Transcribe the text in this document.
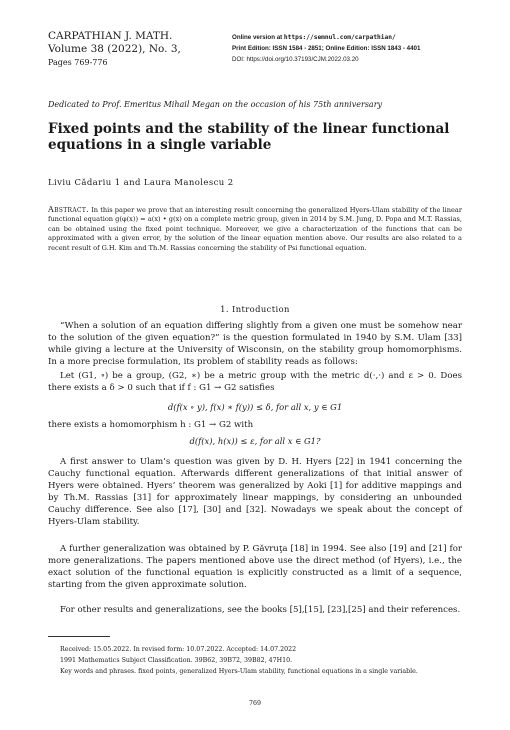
CARPATHIAN J. MATH.
Volume 38 (2022), No. 3,
Pages 769-776
Online version at https://semnul.com/carpathian/
Print Edition: ISSN 1584 - 2851; Online Edition: ISSN 1843 - 4401
DOI: https://doi.org/10.37193/CJM.2022.03.20
Dedicated to Prof. Emeritus Mihail Megan on the occasion of his 75th anniversary
Fixed points and the stability of the linear functional equations in a single variable
Liviu Cădariu 1 and Laura Manolescu 2
Abstract. In this paper we prove that an interesting result concerning the generalized Hyers-Ulam stability of the linear functional equation g(φ(x)) = a(x) • g(x) on a complete metric group, given in 2014 by S.M. Jung, D. Popa and M.T. Rassias, can be obtained using the fixed point technique. Moreover, we give a characterization of the functions that can be approximated with a given error, by the solution of the linear equation mention above. Our results are also related to a recent result of G.H. Kim and Th.M. Rassias concerning the stability of Psi functional equation.
1. Introduction
“When a solution of an equation differing slightly from a given one must be somehow near to the solution of the given equation?” is the question formulated in 1940 by S.M. Ulam [33] while giving a lecture at the University of Wisconsin, on the stability group homomorphisms. In a more precise formulation, its problem of stability reads as follows:
Let (G1, ∘) be a group, (G2, ∗) be a metric group with the metric d(·,·) and ε > 0. Does there exists a δ > 0 such that if f : G1 → G2 satisfies
d(f(x ∘ y), f(x) ∗ f(y)) ≤ δ, for all x, y ∈ G1
there exists a homomorphism h : G1 → G2 with
d(f(x), h(x)) ≤ ε, for all x ∈ G1?
A first answer to Ulam’s question was given by D. H. Hyers [22] in 1941 concerning the Cauchy functional equation. Afterwards different generalizations of that initial answer of Hyers were obtained. Hyers’ theorem was generalized by Aoki [1] for additive mappings and by Th.M. Rassias [31] for approximately linear mappings, by considering an unbounded Cauchy difference. See also [17], [30] and [32]. Nowadays we speak about the concept of Hyers-Ulam stability.
A further generalization was obtained by P. Găvruţa [18] in 1994. See also [19] and [21] for more generalizations. The papers mentioned above use the direct method (of Hyers), i.e., the exact solution of the functional equation is explicitly constructed as a limit of a sequence, starting from the given approximate solution.
For other results and generalizations, see the books [5],[15], [23],[25] and their references.
Received: 15.05.2022. In revised form: 10.07.2022. Accepted: 14.07.2022
1991 Mathematics Subject Classification. 39B62, 39B72, 39B82, 47H10.
Key words and phrases. fixed points, generalized Hyers-Ulam stability, functional equations in a single variable.
769
